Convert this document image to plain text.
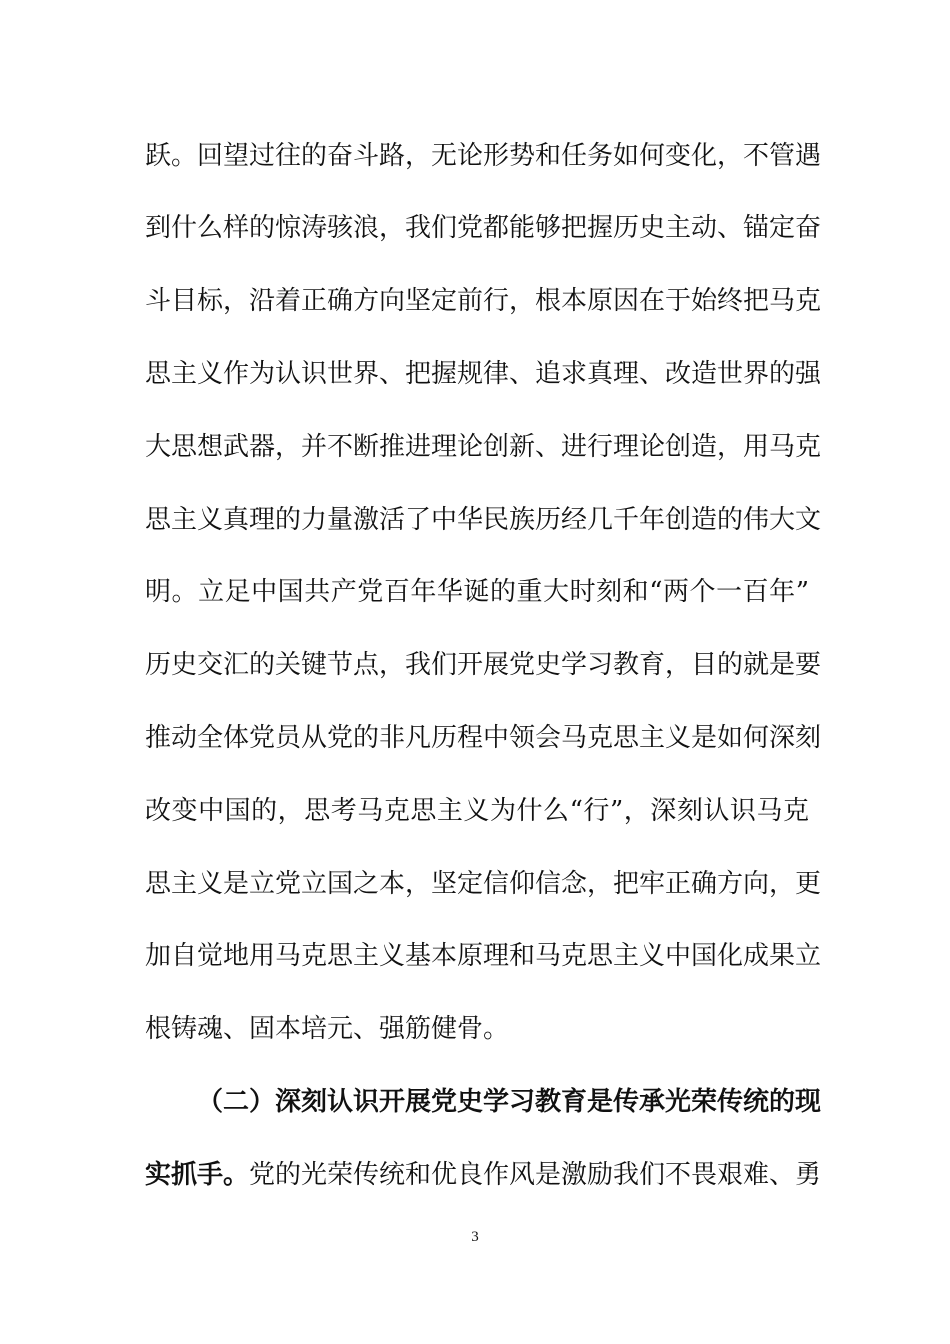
跃。回望过往的奋斗路，无论形势和任务如何变化，不管遇
到什么样的惊涛骇浪，我们党都能够把握历史主动、锚定奋
斗目标，沿着正确方向坚定前行，根本原因在于始终把马克
思主义作为认识世界、把握规律、追求真理、改造世界的强
大思想武器，并不断推进理论创新、进行理论创造，用马克
思主义真理的力量激活了中华民族历经几千年创造的伟大文
明。立足中国共产党百年华诞的重大时刻和“两个一百年”
历史交汇的关键节点，我们开展党史学习教育，目的就是要
推动全体党员从党的非凡历程中领会马克思主义是如何深刻
改变中国的，思考马克思主义为什么“行”，深刻认识马克
思主义是立党立国之本，坚定信仰信念，把牢正确方向，更
加自觉地用马克思主义基本原理和马克思主义中国化成果立
根铸魂、固本培元、强筋健骨。
（二）深刻认识开展党史学习教育是传承光荣传统的现
实抓手。党的光荣传统和优良作风是激励我们不畏艰难、勇
3
